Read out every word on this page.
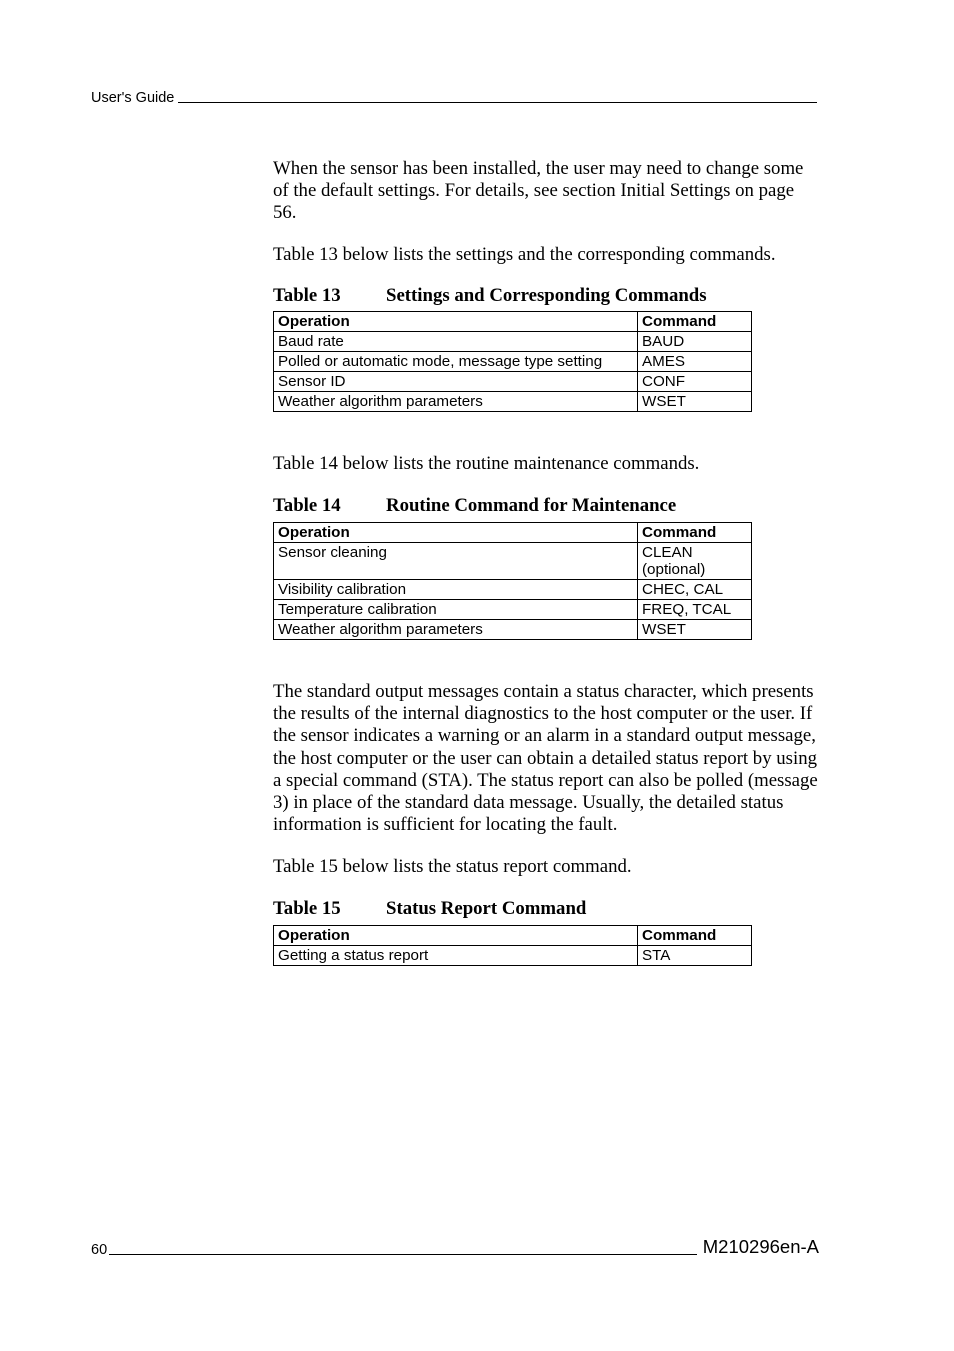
User's Guide

When the sensor has been installed, the user may need to change some of the default settings. For details, see section Initial Settings on page 56.

Table 13 below lists the settings and the corresponding commands.

Table 13	Settings and Corresponding Commands
Operation	Command
Baud rate	BAUD
Polled or automatic mode, message type setting	AMES
Sensor ID	CONF
Weather algorithm parameters	WSET

Table 14 below lists the routine maintenance commands.

Table 14	Routine Command for Maintenance
Operation	Command
Sensor cleaning	CLEAN (optional)
Visibility calibration	CHEC, CAL
Temperature calibration	FREQ, TCAL
Weather algorithm parameters	WSET

The standard output messages contain a status character, which presents the results of the internal diagnostics to the host computer or the user. If the sensor indicates a warning or an alarm in a standard output message, the host computer or the user can obtain a detailed status report by using a special command (STA). The status report can also be polled (message 3) in place of the standard data message. Usually, the detailed status information is sufficient for locating the fault.

Table 15 below lists the status report command.

Table 15	Status Report Command
Operation	Command
Getting a status report	STA
60	M210296en-A
